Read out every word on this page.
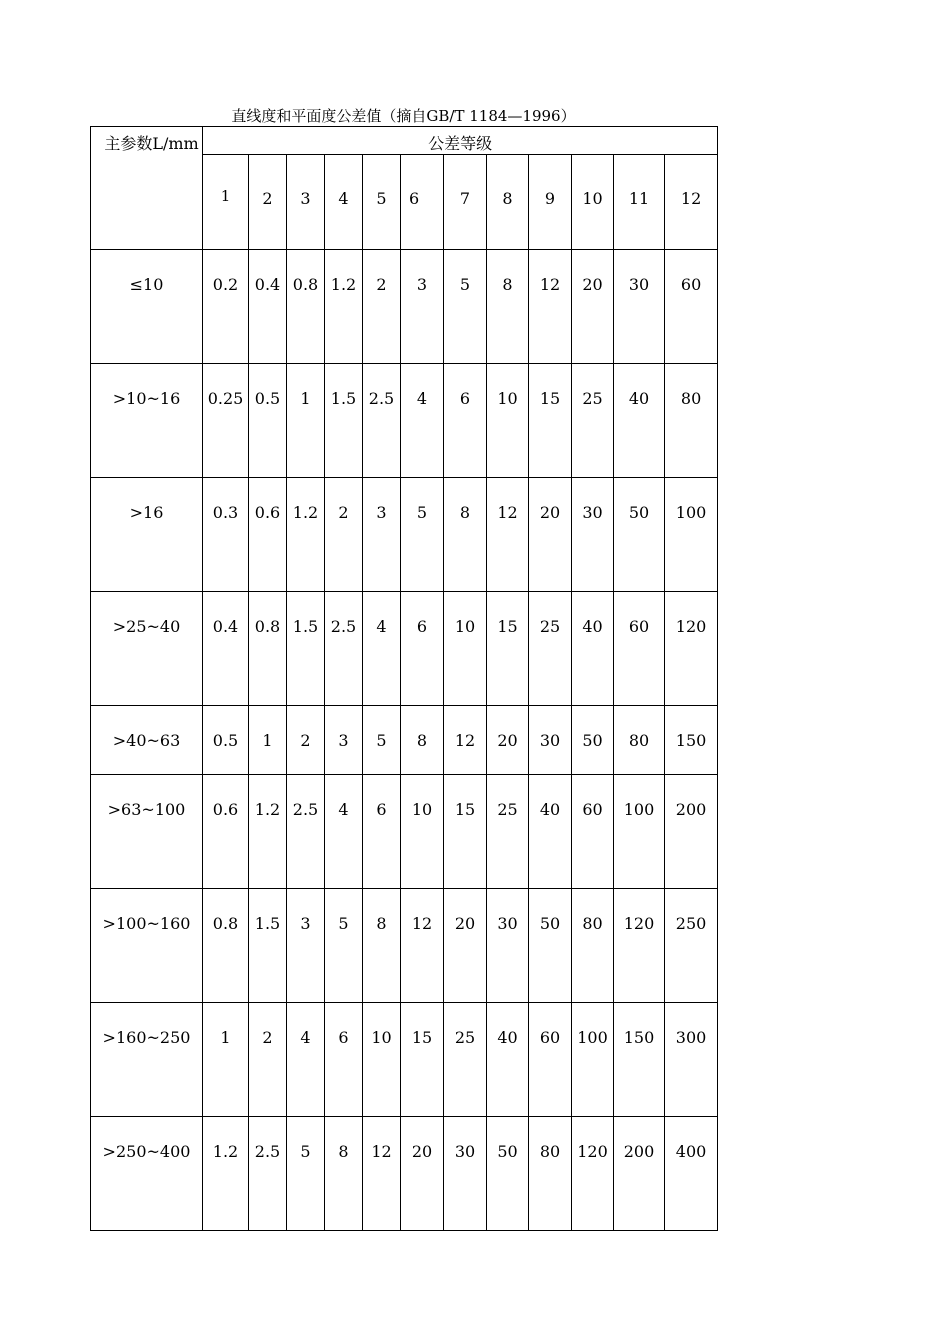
直线度和平面度公差值（摘自GB/T 1184—1996）
主参数L/mm	公差等级											
	1	2	3	4	5	6	7	8	9	10	11	12
≤10	0.2	0.4	0.8	1.2	2	3	5	8	12	20	30	60
>10~16	0.25	0.5	1	1.5	2.5	4	6	10	15	25	40	80
>16	0.3	0.6	1.2	2	3	5	8	12	20	30	50	100
>25~40	0.4	0.8	1.5	2.5	4	6	10	15	25	40	60	120
>40~63	0.5	1	2	3	5	8	12	20	30	50	80	150
>63~100	0.6	1.2	2.5	4	6	10	15	25	40	60	100	200
>100~160	0.8	1.5	3	5	8	12	20	30	50	80	120	250
>160~250	1	2	4	6	10	15	25	40	60	100	150	300
>250~400	1.2	2.5	5	8	12	20	30	50	80	120	200	400
